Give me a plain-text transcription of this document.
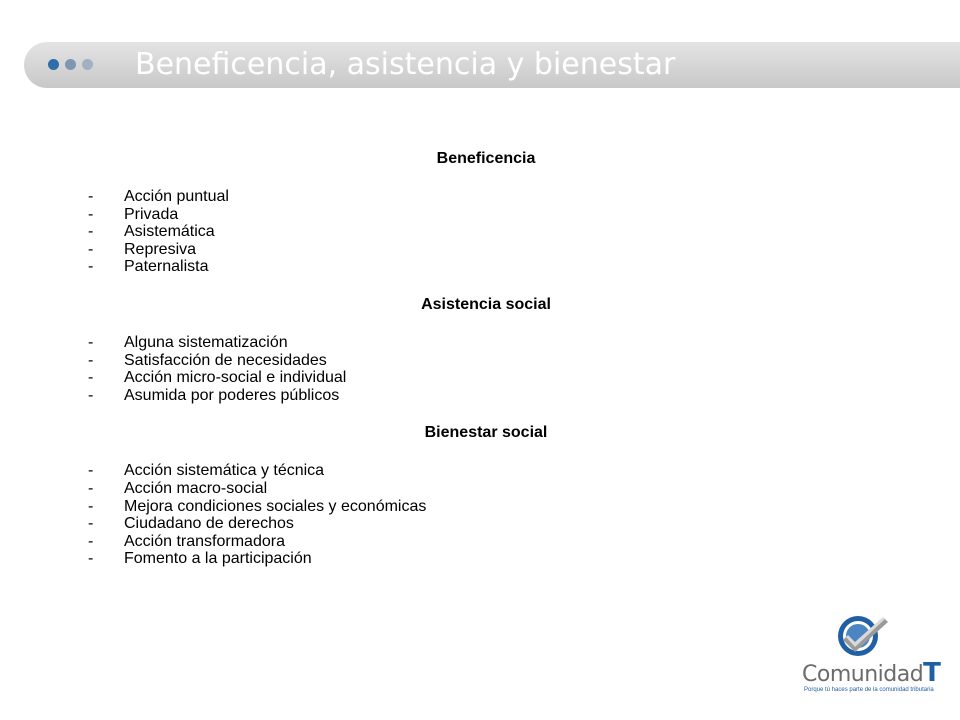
Beneficencia, asistencia y bienestar
Beneficencia
- Acción puntual
- Privada
- Asistemática
- Represiva
- Paternalista
Asistencia social
- Alguna sistematización
- Satisfacción de necesidades
- Acción micro-social e individual
- Asumida por poderes públicos
Bienestar social
- Acción sistemática y técnica
- Acción macro-social
- Mejora condiciones sociales y económicas
- Ciudadano de derechos
- Acción transformadora
- Fomento a la participación
ComunidadT
Porque tú haces parte de la comunidad tributaria
